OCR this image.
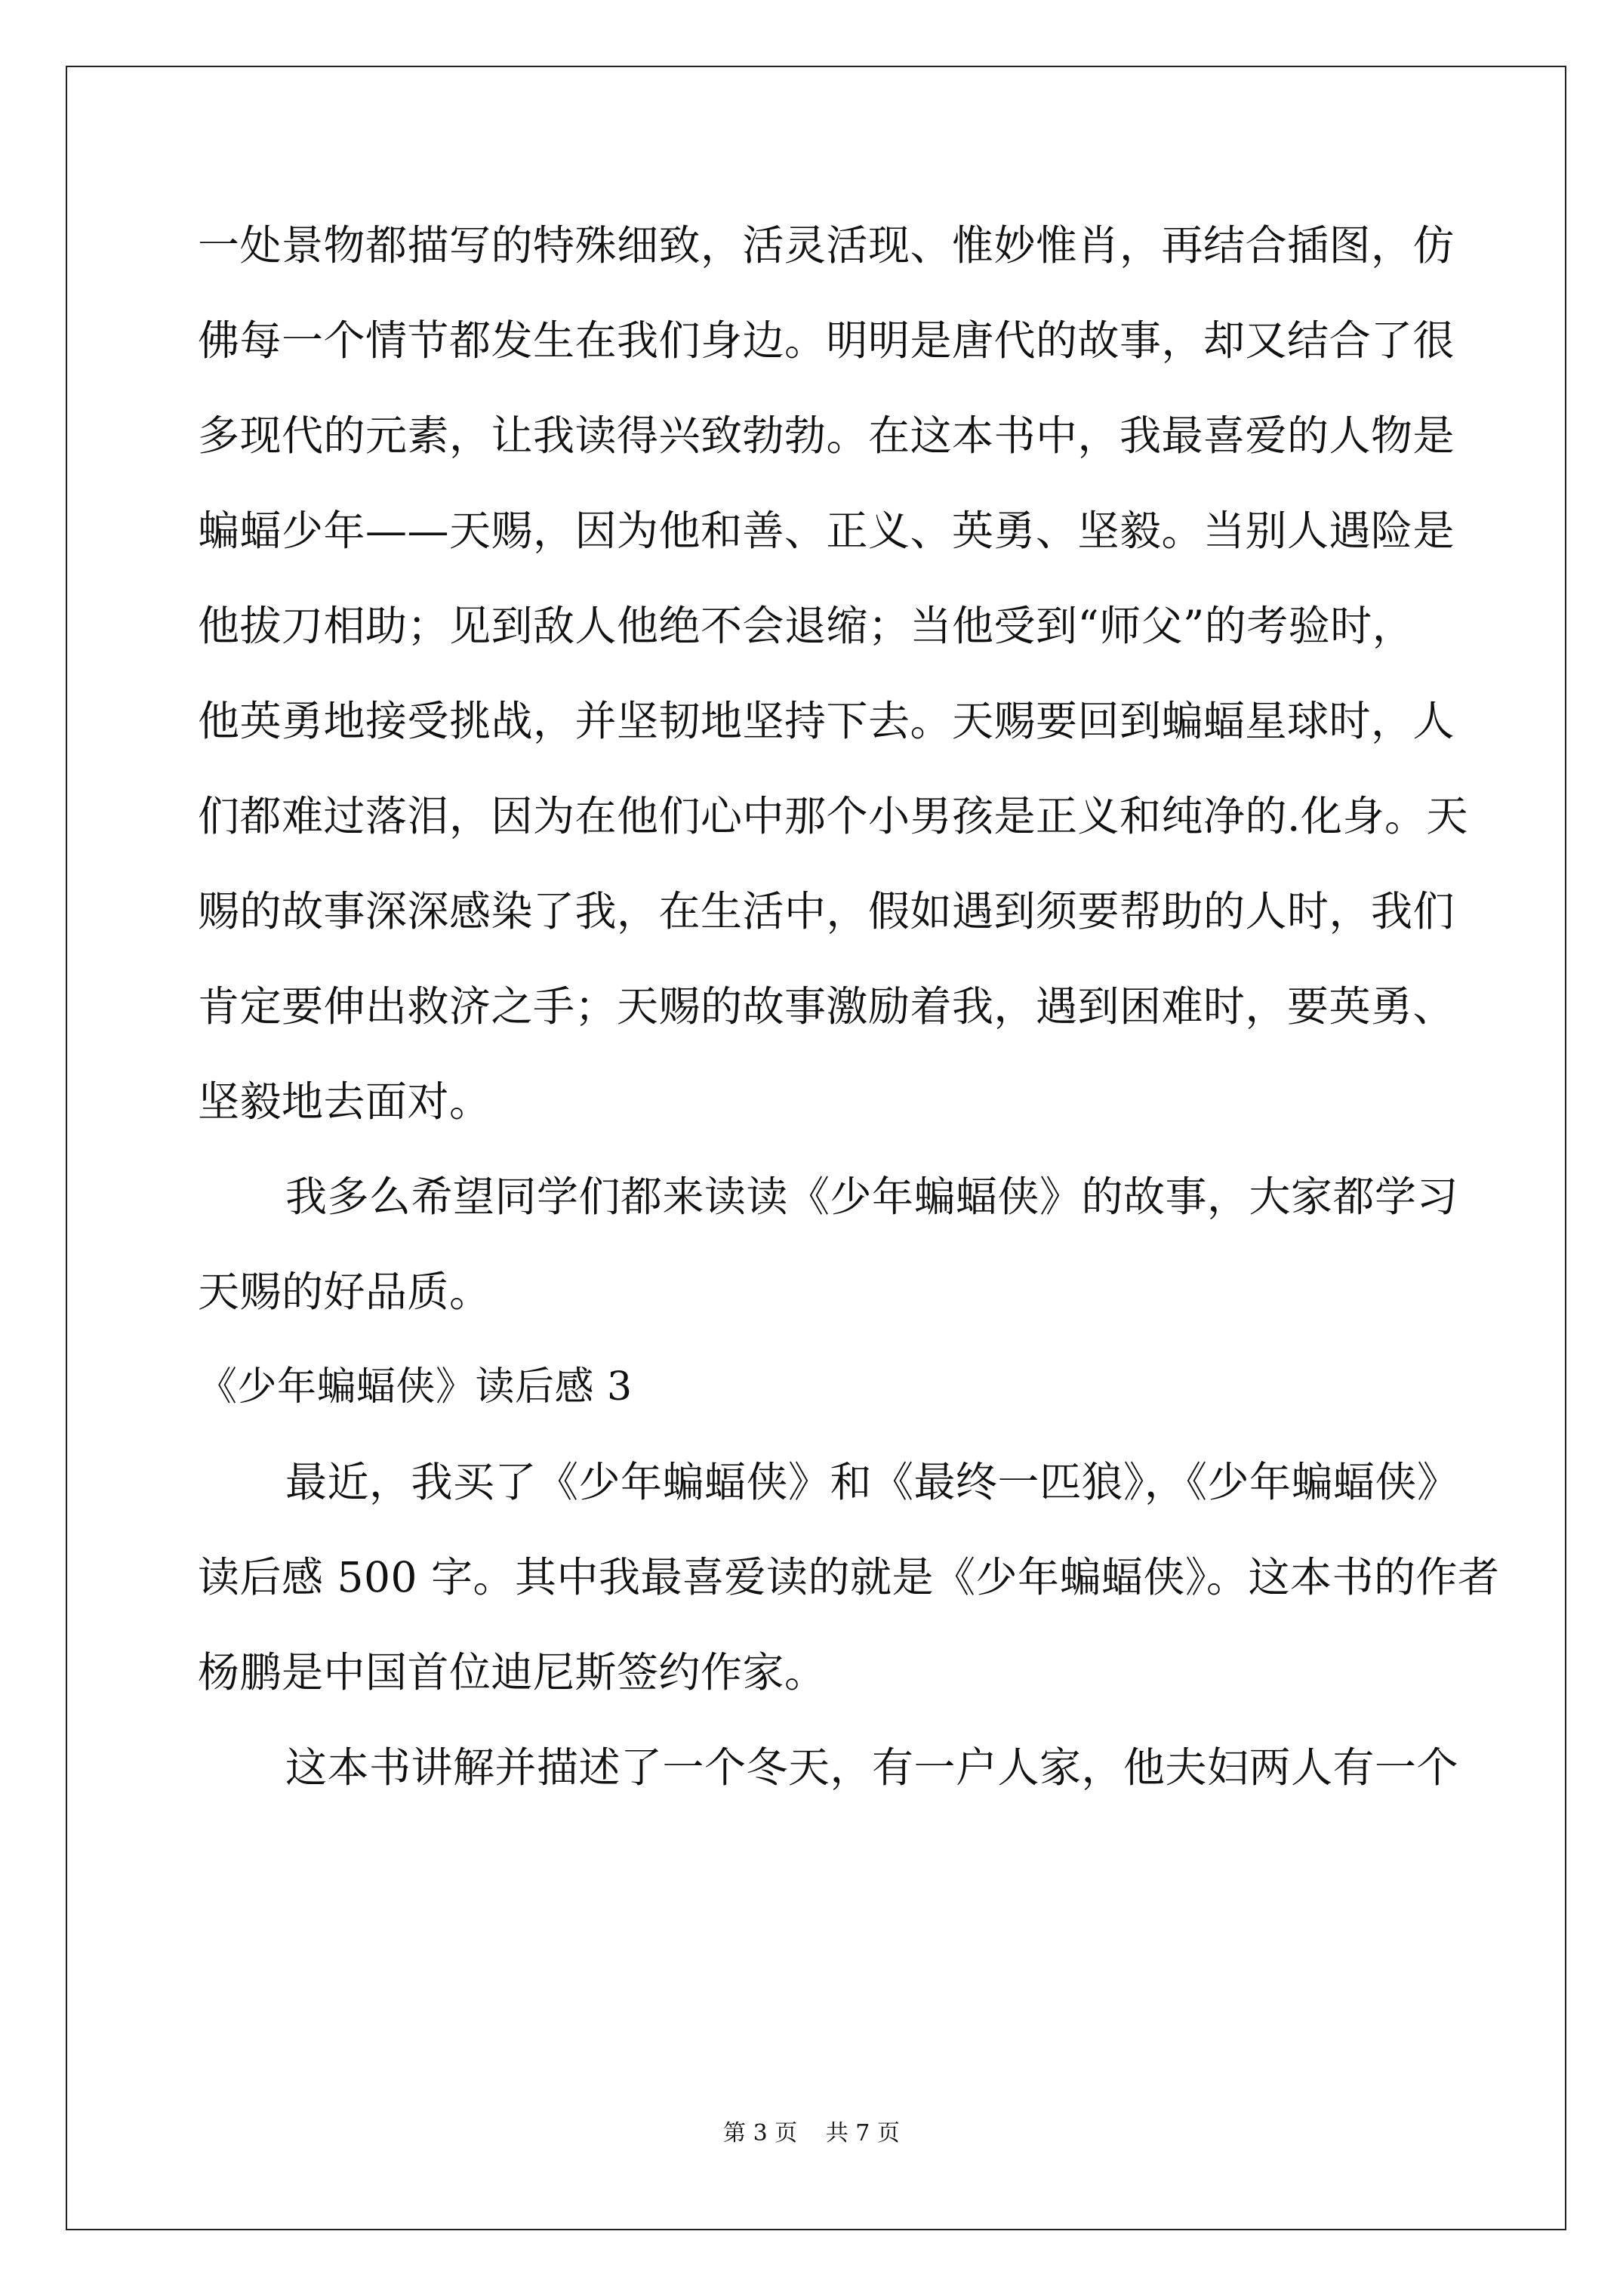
一处景物都描写的特殊细致，活灵活现、惟妙惟肖，再结合插图，仿
佛每一个情节都发生在我们身边。明明是唐代的故事，却又结合了很
多现代的元素，让我读得兴致勃勃。在这本书中，我最喜爱的人物是
蝙蝠少年——天赐，因为他和善、正义、英勇、坚毅。当别人遇险是
他拔刀相助；见到敌人他绝不会退缩；当他受到“师父”的考验时，
他英勇地接受挑战，并坚韧地坚持下去。天赐要回到蝙蝠星球时，人
们都难过落泪，因为在他们心中那个小男孩是正义和纯净的.化身。天
赐的故事深深感染了我，在生活中，假如遇到须要帮助的人时，我们
肯定要伸出救济之手；天赐的故事激励着我，遇到困难时，要英勇、
坚毅地去面对。
我多么希望同学们都来读读《少年蝙蝠侠》的故事，大家都学习
天赐的好品质。
《少年蝙蝠侠》读后感 3
最近，我买了《少年蝙蝠侠》和《最终一匹狼》，《少年蝙蝠侠》
读后感 500 字。其中我最喜爱读的就是《少年蝙蝠侠》。这本书的作者
杨鹏是中国首位迪尼斯签约作家。
这本书讲解并描述了一个冬天，有一户人家，他夫妇两人有一个
第 3 页 共 7 页
